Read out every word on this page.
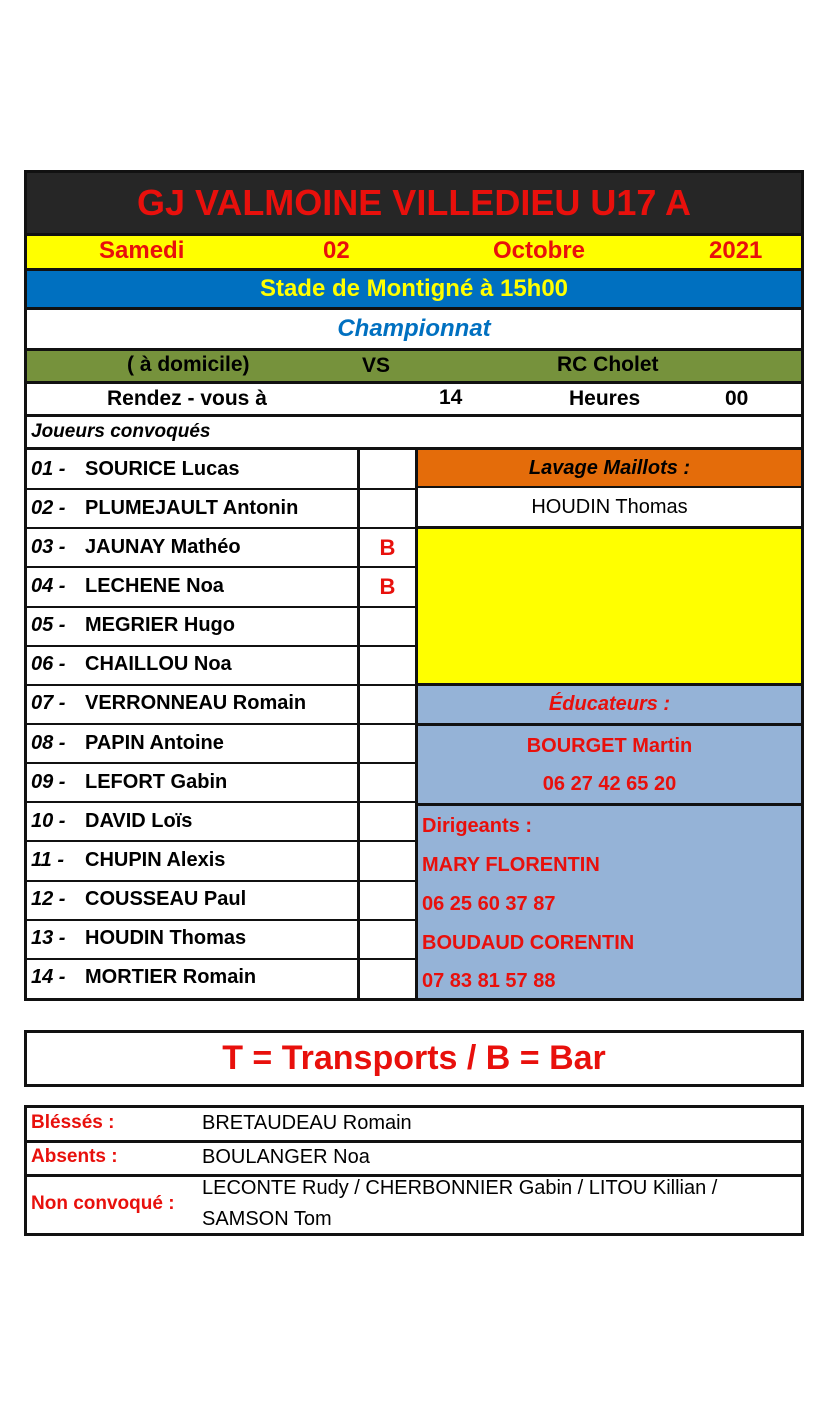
GJ VALMOINE VILLEDIEU U17 A
Samedi	02	Octobre	2021
Stade de Montigné à 15h00
Championnat
( à domicile)	VS	RC Cholet
Rendez - vous à	14	Heures	00
Joueurs convoqués
Lavage Maillots :
HOUDIN Thomas
Éducateurs :
BOURGET Martin
06 27 42 65 20
Dirigeants :
MARY FLORENTIN
06 25 60 37 87
BOUDAUD CORENTIN
07 83 81 57 88
01 - SOURICE Lucas
02 - PLUMEJAULT Antonin
03 - JAUNAY Mathéo	B
04 - LECHENE Noa	B
05 - MEGRIER Hugo
06 - CHAILLOU Noa
07 - VERRONNEAU Romain
08 - PAPIN Antoine
09 - LEFORT Gabin
10 - DAVID Loïs
11 -	CHUPIN Alexis
12 - COUSSEAU Paul
13 - HOUDIN Thomas
14 - MORTIER Romain
T = Transports / B = Bar
Bléssés :	BRETAUDEAU Romain
Absents :	BOULANGER Noa
Non convoqué :
LECONTE Rudy / CHERBONNIER Gabin / LITOU Killian /
SAMSON Tom
